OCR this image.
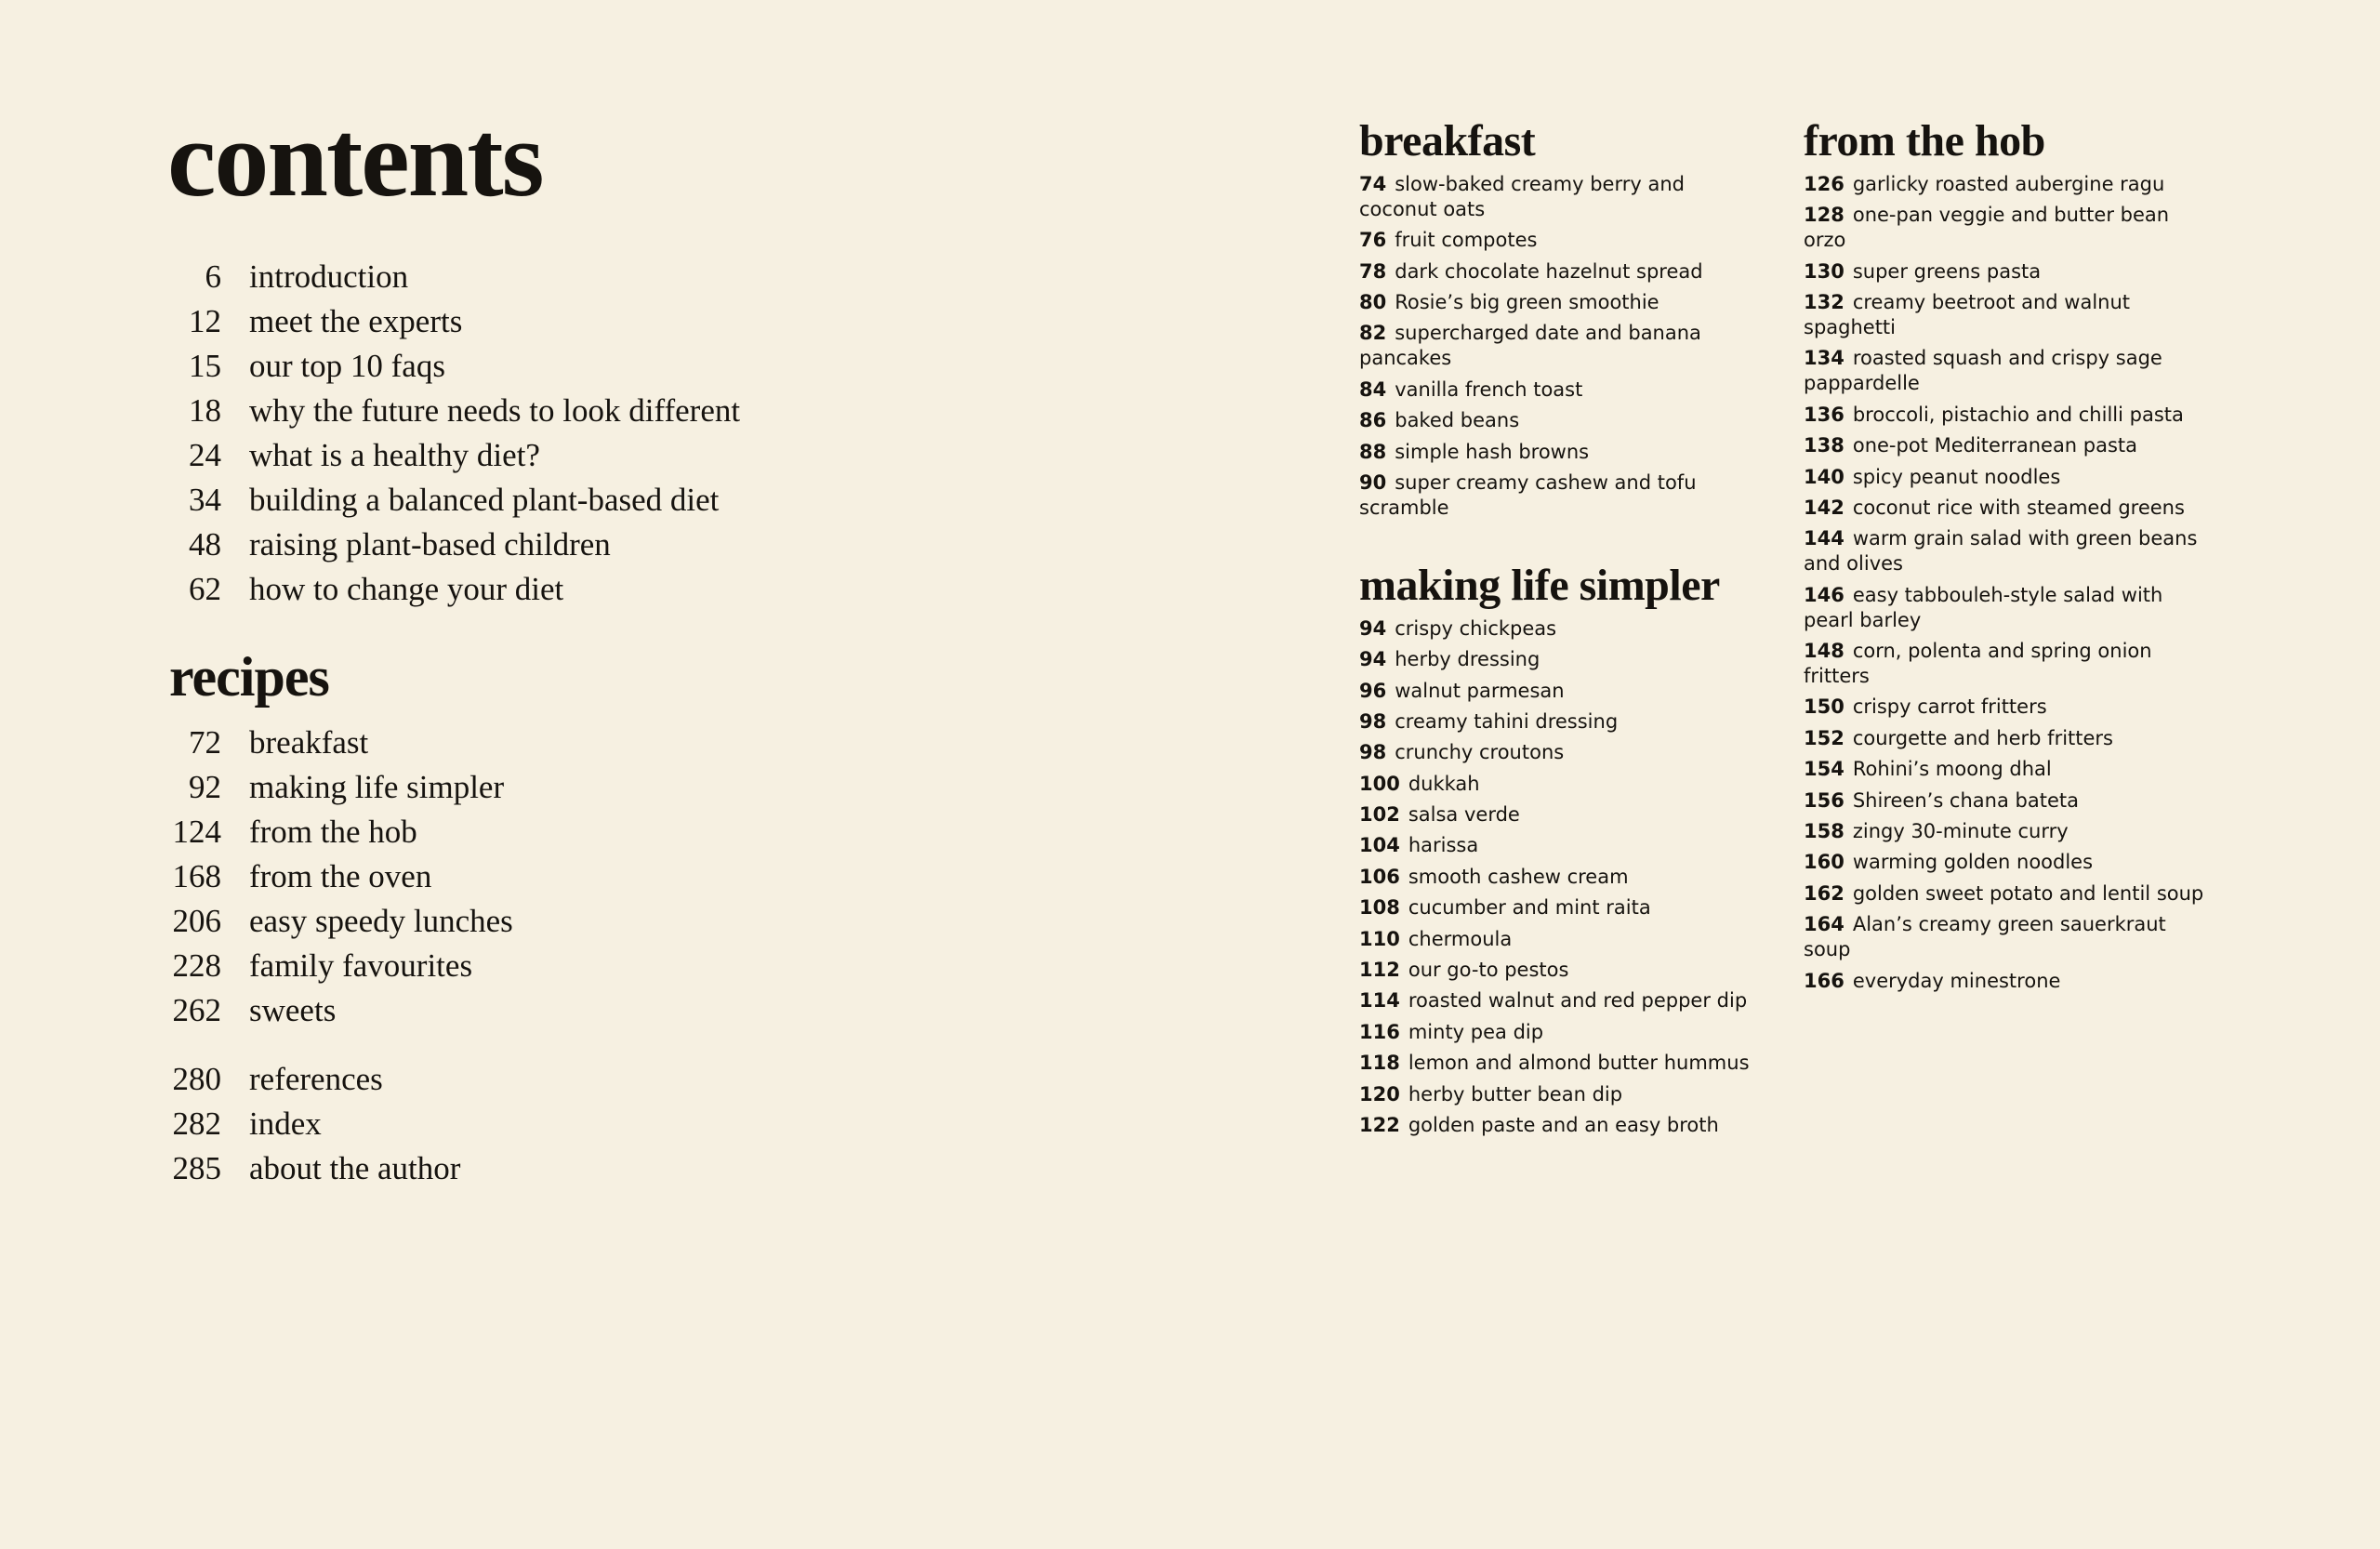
contents
6 introduction
12 meet the experts
15 our top 10 faqs
18 why the future needs to look different
24 what is a healthy diet?
34 building a balanced plant-based diet
48 raising plant-based children
62 how to change your diet
recipes
72 breakfast
92 making life simpler
124 from the hob
168 from the oven
206 easy speedy lunches
228 family favourites
262 sweets
280 references
282 index
285 about the author
breakfast
74 slow-baked creamy berry and coconut oats
76 fruit compotes
78 dark chocolate hazelnut spread
80 Rosie’s big green smoothie
82 supercharged date and banana pancakes
84 vanilla french toast
86 baked beans
88 simple hash browns
90 super creamy cashew and tofu scramble
making life simpler
94 crispy chickpeas
94 herby dressing
96 walnut parmesan
98 creamy tahini dressing
98 crunchy croutons
100 dukkah
102 salsa verde
104 harissa
106 smooth cashew cream
108 cucumber and mint raita
110 chermoula
112 our go-to pestos
114 roasted walnut and red pepper dip
116 minty pea dip
118 lemon and almond butter hummus
120 herby butter bean dip
122 golden paste and an easy broth
from the hob
126 garlicky roasted aubergine ragu
128 one-pan veggie and butter bean orzo
130 super greens pasta
132 creamy beetroot and walnut spaghetti
134 roasted squash and crispy sage pappardelle
136 broccoli, pistachio and chilli pasta
138 one-pot Mediterranean pasta
140 spicy peanut noodles
142 coconut rice with steamed greens
144 warm grain salad with green beans and olives
146 easy tabbouleh-style salad with pearl barley
148 corn, polenta and spring onion fritters
150 crispy carrot fritters
152 courgette and herb fritters
154 Rohini’s moong dhal
156 Shireen’s chana bateta
158 zingy 30-minute curry
160 warming golden noodles
162 golden sweet potato and lentil soup
164 Alan’s creamy green sauerkraut soup
166 everyday minestrone
